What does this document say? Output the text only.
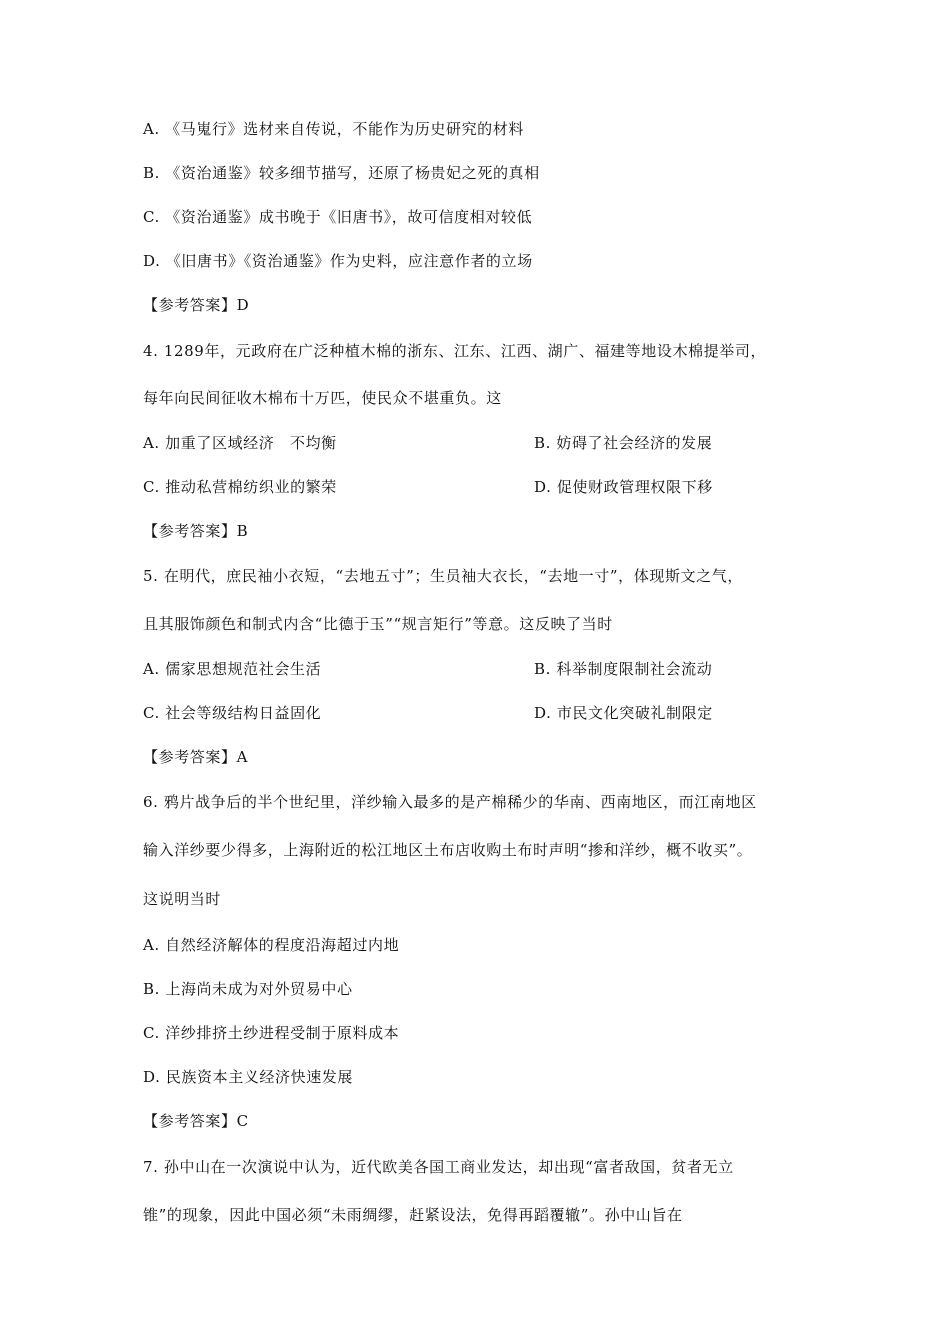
A. 《马嵬行》选材来自传说，不能作为历史研究的材料
B. 《资治通鉴》较多细节描写，还原了杨贵妃之死的真相
C. 《资治通鉴》成书晚于《旧唐书》，故可信度相对较低
D. 《旧唐书》《资治通鉴》作为史料，应注意作者的立场
【参考答案】D
4. 1289年，元政府在广泛种植木棉的浙东、江东、江西、湖广、福建等地设木棉提举司，
每年向民间征收木棉布十万匹，使民众不堪重负。这
A. 加重了区域经济　不均衡	B. 妨碍了社会经济的发展
C. 推动私营棉纺织业的繁荣	D. 促使财政管理权限下移
【参考答案】B
5. 在明代，庶民袖小衣短，“去地五寸”；生员袖大衣长，“去地一寸”，体现斯文之气，
且其服饰颜色和制式内含“比德于玉”“规言矩行”等意。这反映了当时
A. 儒家思想规范社会生活	B. 科举制度限制社会流动
C. 社会等级结构日益固化	D. 市民文化突破礼制限定
【参考答案】A
6. 鸦片战争后的半个世纪里，洋纱输入最多的是产棉稀少的华南、西南地区，而江南地区
输入洋纱要少得多，上海附近的松江地区土布店收购土布时声明“掺和洋纱，概不收买”。
这说明当时
A. 自然经济解体的程度沿海超过内地
B. 上海尚未成为对外贸易中心
C. 洋纱排挤土纱进程受制于原料成本
D. 民族资本主义经济快速发展
【参考答案】C
7. 孙中山在一次演说中认为，近代欧美各国工商业发达，却出现“富者敌国，贫者无立
锥”的现象，因此中国必须“未雨绸缪，赶紧设法，免得再蹈覆辙”。孙中山旨在
